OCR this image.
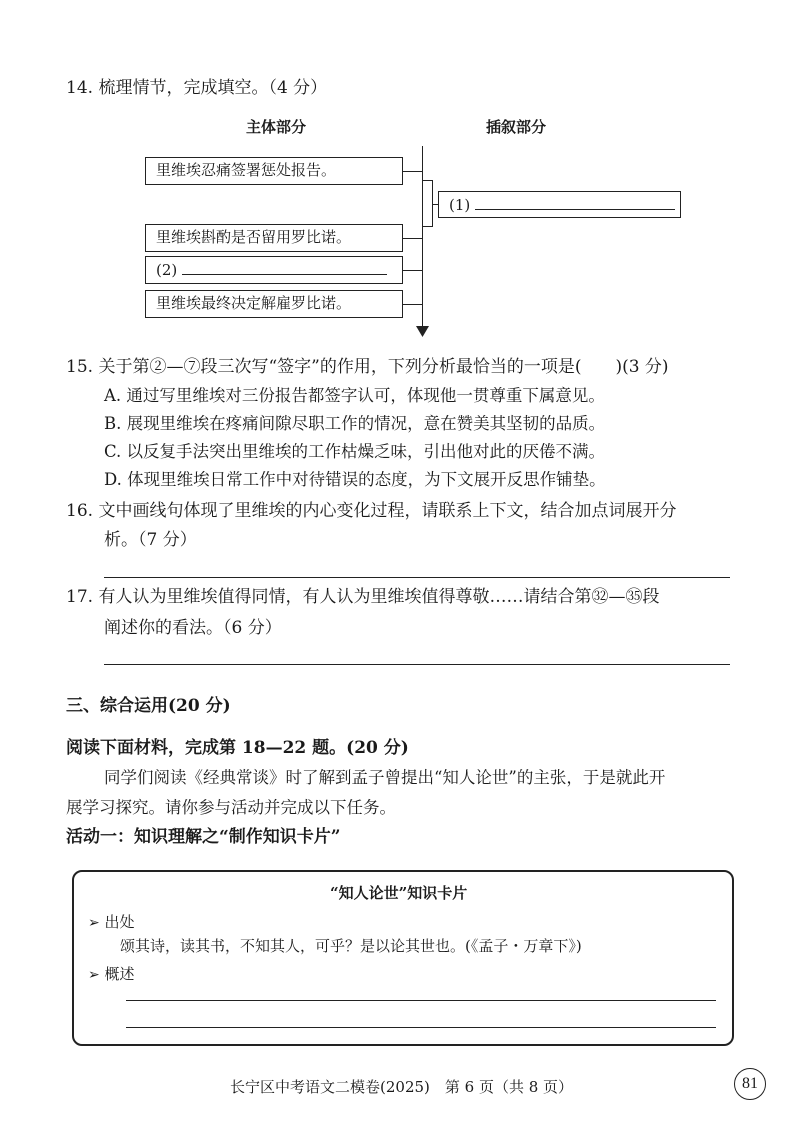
14. 梳理情节，完成填空。（4 分）
主体部分	插叙部分
里维埃忍痛签署惩处报告。
里维埃斟酌是否留用罗比诺。
(2)
里维埃最终决定解雇罗比诺。
(1)
15. 关于第②—⑦段三次写“签字”的作用，下列分析最恰当的一项是(　　)(3 分)
A. 通过写里维埃对三份报告都签字认可，体现他一贯尊重下属意见。
B. 展现里维埃在疼痛间隙尽职工作的情况，意在赞美其坚韧的品质。
C. 以反复手法突出里维埃的工作枯燥乏味，引出他对此的厌倦不满。
D. 体现里维埃日常工作中对待错误的态度，为下文展开反思作铺垫。
16. 文中画线句体现了里维埃的内心变化过程，请联系上下文，结合加点词展开分
析。（7 分）
17. 有人认为里维埃值得同情，有人认为里维埃值得尊敬……请结合第㉜—㉟段
阐述你的看法。（6 分）
三、综合运用(20 分)
阅读下面材料，完成第 18—22 题。(20 分)
同学们阅读《经典常谈》时了解到孟子曾提出“知人论世”的主张，于是就此开
展学习探究。请你参与活动并完成以下任务。
活动一：知识理解之“制作知识卡片”
“知人论世”知识卡片
➢ 出处
颂其诗，读其书，不知其人，可乎？是以论其世也。(《孟子・万章下》)
➢ 概述
长宁区中考语文二模卷(2025)　第 6 页（共 8 页）	81
